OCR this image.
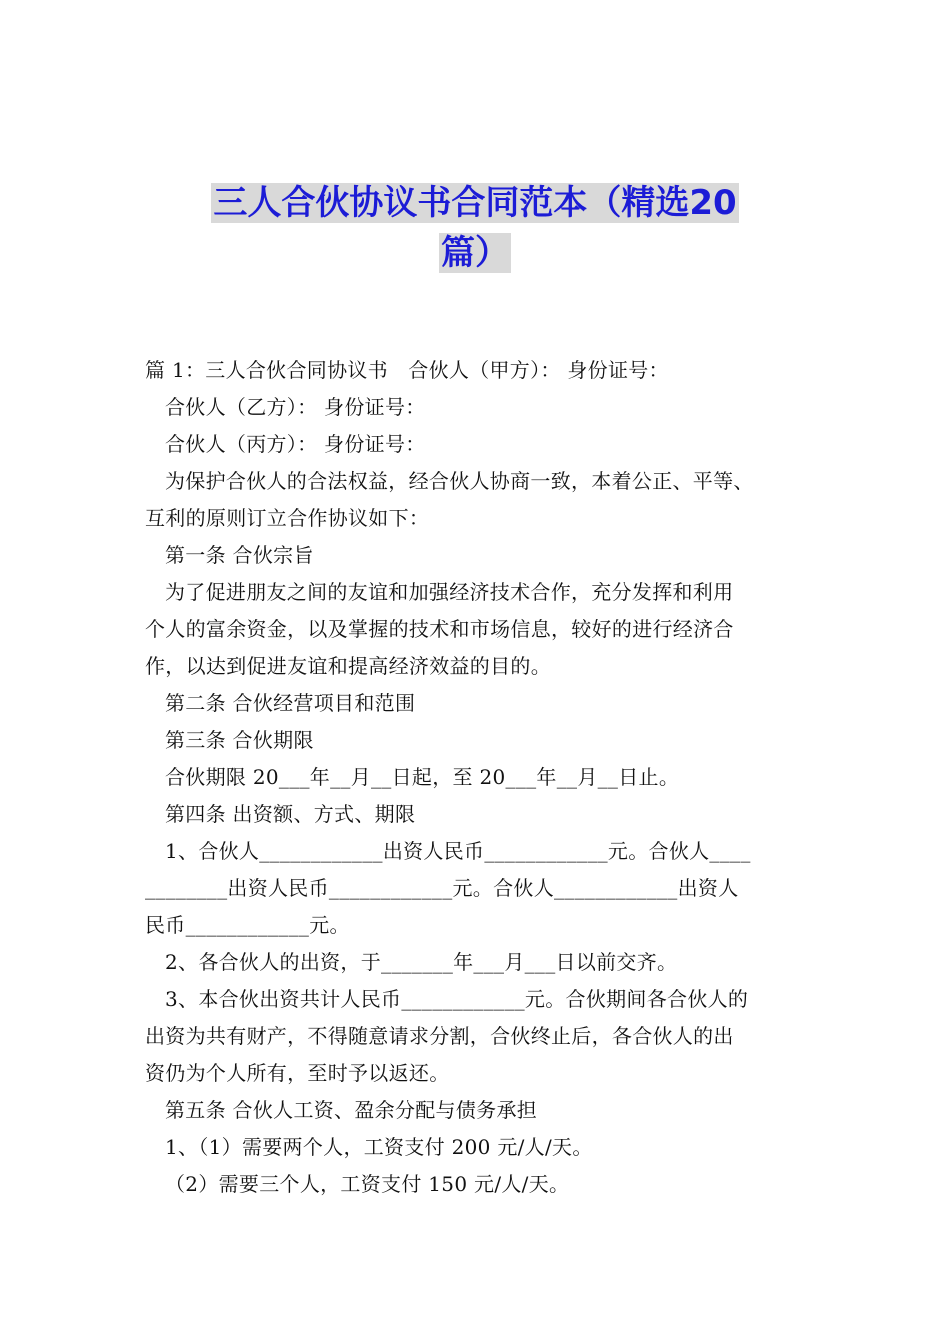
三人合伙协议书合同范本（精选20
篇）

篇 1：三人合伙合同协议书　合伙人（甲方）： 身份证号：

合伙人（乙方）： 身份证号：

合伙人（丙方）： 身份证号：

为保护合伙人的合法权益，经合伙人协商一致，本着公正、平等、

互利的原则订立合作协议如下：

第一条 合伙宗旨

为了促进朋友之间的友谊和加强经济技术合作，充分发挥和利用

个人的富余资金，以及掌握的技术和市场信息，较好的进行经济合

作，以达到促进友谊和提高经济效益的目的。

第二条 合伙经营项目和范围

第三条 合伙期限

合伙期限 20___年__月__日起，至 20___年__月__日止。

第四条 出资额、方式、期限

1、合伙人____________出资人民币____________元。合伙人____

________出资人民币____________元。合伙人____________出资人

民币____________元。

2、各合伙人的出资，于_______年___月___日以前交齐。

3、本合伙出资共计人民币____________元。合伙期间各合伙人的

出资为共有财产，不得随意请求分割，合伙终止后，各合伙人的出

资仍为个人所有，至时予以返还。

第五条 合伙人工资、盈余分配与债务承担

1、（1）需要两个人，工资支付 200 元/人/天。

（2）需要三个人，工资支付 150 元/人/天。
